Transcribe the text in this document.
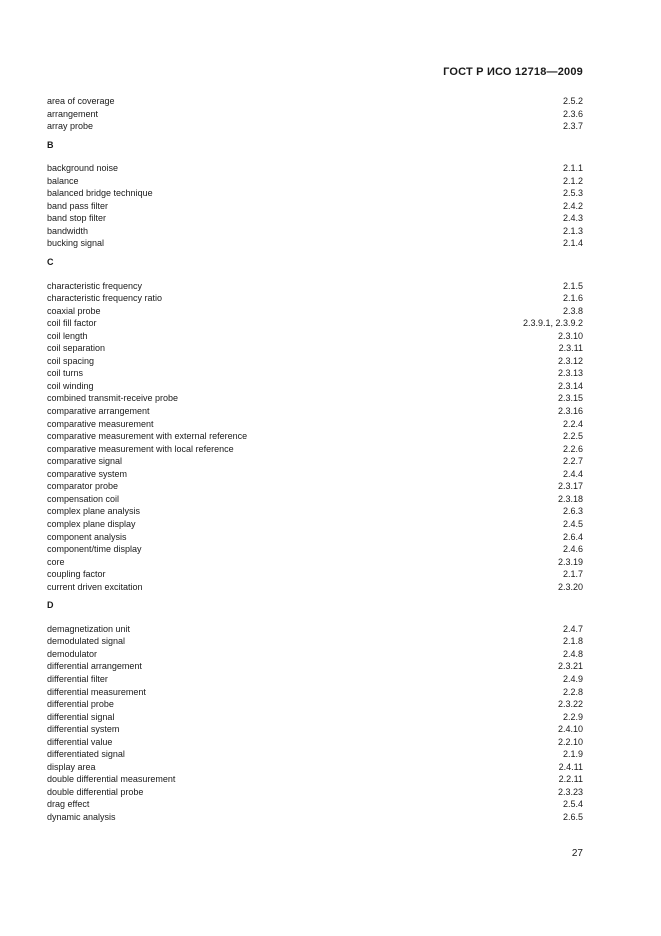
ГОСТ Р ИСО 12718—2009
area of coverage	2.5.2
arrangement	2.3.6
array probe	2.3.7
B
background noise	2.1.1
balance	2.1.2
balanced bridge technique	2.5.3
band pass filter	2.4.2
band stop filter	2.4.3
bandwidth	2.1.3
bucking signal	2.1.4
C
characteristic frequency	2.1.5
characteristic frequency ratio	2.1.6
coaxial probe	2.3.8
coil fill factor	2.3.9.1, 2.3.9.2
coil length	2.3.10
coil separation	2.3.11
coil spacing	2.3.12
coil turns	2.3.13
coil winding	2.3.14
combined transmit-receive probe	2.3.15
comparative arrangement	2.3.16
comparative measurement	2.2.4
comparative measurement with external reference	2.2.5
comparative measurement with local reference	2.2.6
comparative signal	2.2.7
comparative system	2.4.4
comparator probe	2.3.17
compensation coil	2.3.18
complex plane analysis	2.6.3
complex plane display	2.4.5
component analysis	2.6.4
component/time display	2.4.6
core	2.3.19
coupling factor	2.1.7
current driven excitation	2.3.20
D
demagnetization unit	2.4.7
demodulated signal	2.1.8
demodulator	2.4.8
differential arrangement	2.3.21
differential filter	2.4.9
differential measurement	2.2.8
differential probe	2.3.22
differential signal	2.2.9
differential system	2.4.10
differential value	2.2.10
differentiated signal	2.1.9
display area	2.4.11
double differential measurement	2.2.11
double differential probe	2.3.23
drag effect	2.5.4
dynamic analysis	2.6.5
27
